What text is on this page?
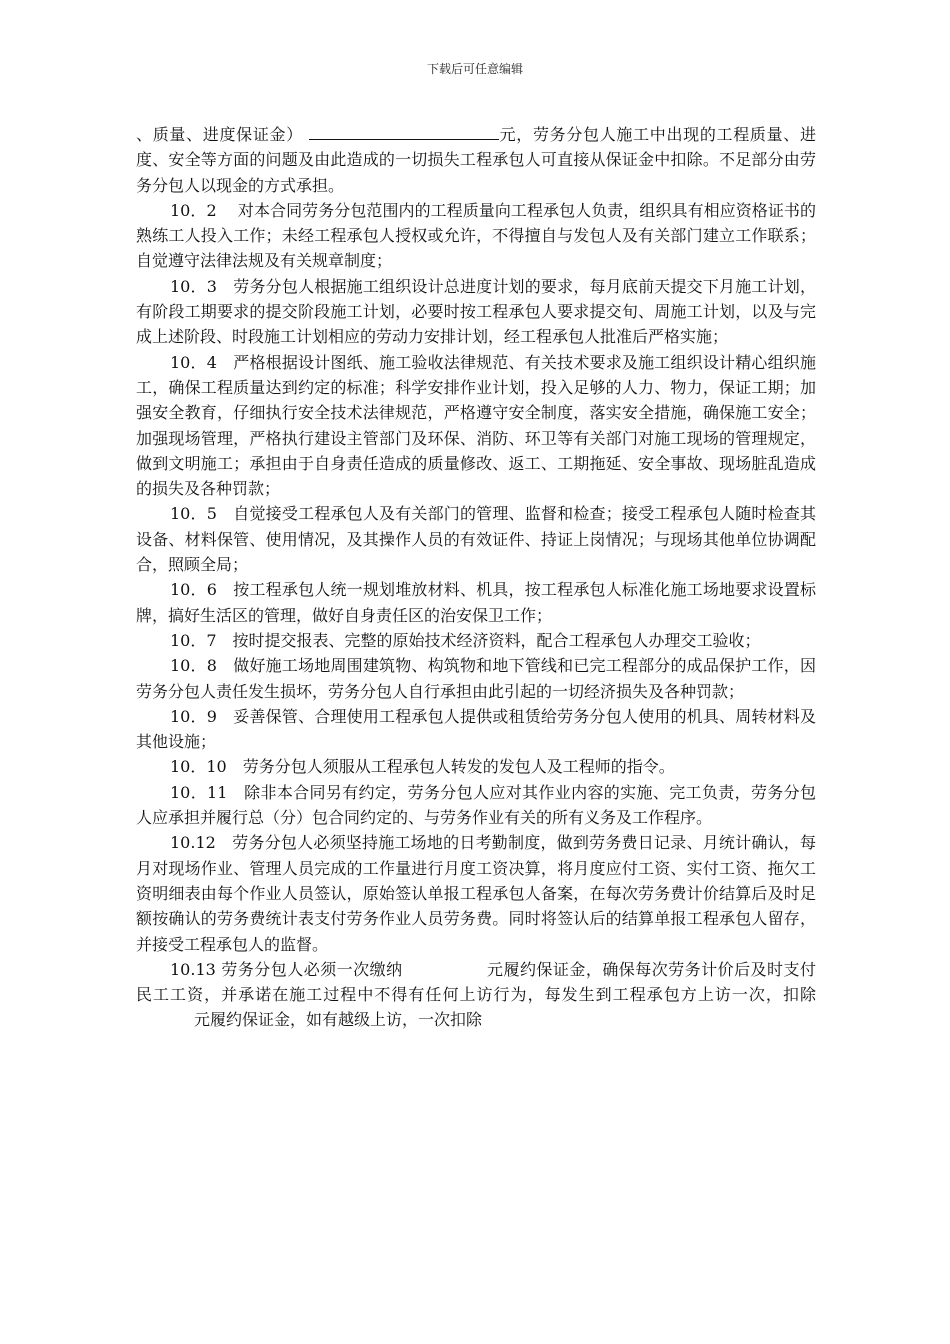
下载后可任意编辑

、质量、进度保证金）	元，劳务分包人施工中出现的工程质量、进度、安全等方面的问题及由此造成的一切损失工程承包人可直接从保证金中扣除。不足部分由劳务分包人以现金的方式承担。

10．2　 对本合同劳务分包范围内的工程质量向工程承包人负责，组织具有相应资格证书的熟练工人投入工作；未经工程承包人授权或允许，不得擅自与发包人及有关部门建立工作联系；自觉遵守法律法规及有关规章制度；

10．3　劳务分包人根据施工组织设计总进度计划的要求，每月底前天提交下月施工计划，有阶段工期要求的提交阶段施工计划，必要时按工程承包人要求提交旬、周施工计划，以及与完成上述阶段、时段施工计划相应的劳动力安排计划，经工程承包人批准后严格实施；

10．4　严格根据设计图纸、施工验收法律规范、有关技术要求及施工组织设计精心组织施工，确保工程质量达到约定的标准；科学安排作业计划，投入足够的人力、物力，保证工期；加强安全教育，仔细执行安全技术法律规范，严格遵守安全制度，落实安全措施，确保施工安全；加强现场管理，严格执行建设主管部门及环保、消防、环卫等有关部门对施工现场的管理规定，做到文明施工；承担由于自身责任造成的质量修改、返工、工期拖延、安全事故、现场脏乱造成的损失及各种罚款；

10．5　自觉接受工程承包人及有关部门的管理、监督和检查；接受工程承包人随时检查其设备、材料保管、使用情况，及其操作人员的有效证件、持证上岗情况；与现场其他单位协调配合，照顾全局；

10．6　按工程承包人统一规划堆放材料、机具，按工程承包人标准化施工场地要求设置标牌，搞好生活区的管理，做好自身责任区的治安保卫工作；

10．7　按时提交报表、完整的原始技术经济资料，配合工程承包人办理交工验收；

10．8　做好施工场地周围建筑物、构筑物和地下管线和已完工程部分的成品保护工作，因劳务分包人责任发生损坏，劳务分包人自行承担由此引起的一切经济损失及各种罚款；

10．9　妥善保管、合理使用工程承包人提供或租赁给劳务分包人使用的机具、周转材料及其他设施；

10．10　劳务分包人须服从工程承包人转发的发包人及工程师的指令。

10．11　除非本合同另有约定，劳务分包人应对其作业内容的实施、完工负责，劳务分包人应承担并履行总（分）包合同约定的、与劳务作业有关的所有义务及工作程序。

10.12　劳务分包人必须坚持施工场地的日考勤制度，做到劳务费日记录、月统计确认，每月对现场作业、管理人员完成的工作量进行月度工资决算，将月度应付工资、实付工资、拖欠工资明细表由每个作业人员签认，原始签认单报工程承包人备案，在每次劳务费计价结算后及时足额按确认的劳务费统计表支付劳务作业人员劳务费。同时将签认后的结算单报工程承包人留存，并接受工程承包人的监督。

10.13 劳务分包人必须一次缴纳	元履约保证金，确保每次劳务计价后及时支付民工工资，并承诺在施工过程中不得有任何上访行为，每发生到工程承包方上访一次，扣除元履约保证金，如有越级上访，一次扣除
